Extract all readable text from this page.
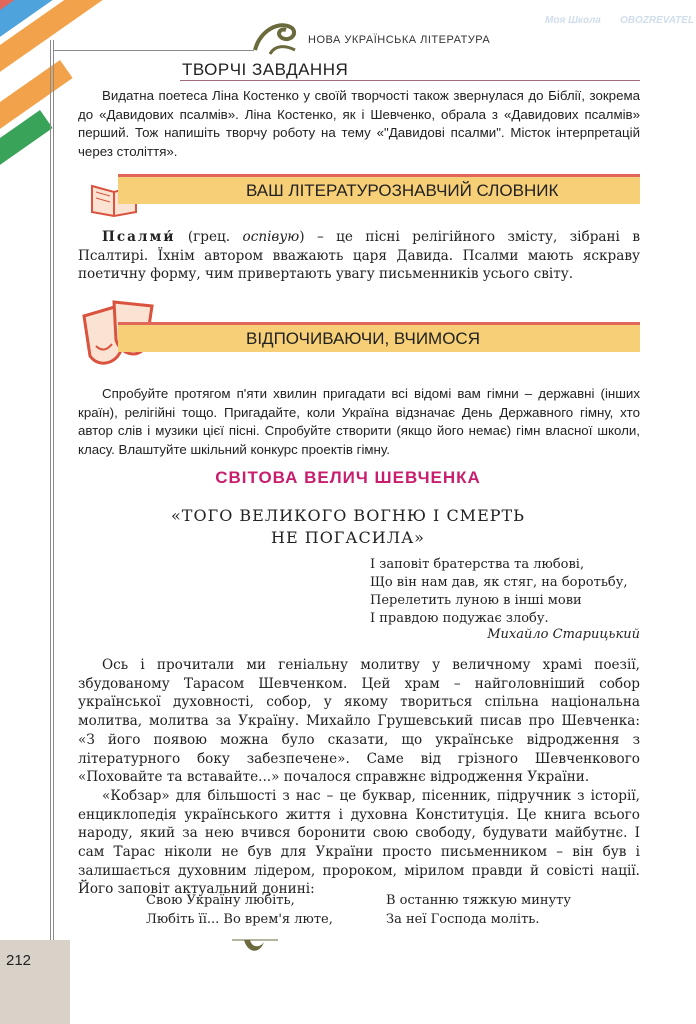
НОВА УКРАЇНСЬКА ЛІТЕРАТУРА
ТВОРЧІ ЗАВДАННЯ

Видатна поетеса Ліна Костенко у своїй творчості також звернулася до Біблії, зокрема до «Давидових псалмів». Ліна Костенко, як і Шевченко, обрала з «Давидових псалмів» перший. Тож напишіть творчу роботу на тему «"Давидові псалми". Місток інтерпретацій через століття».

ВАШ ЛІТЕРАТУРОЗНАВЧИЙ СЛОВНИК

Псалми́ (грец. оспівую) – це пісні релігійного змісту, зібрані в Псалтирі. Їхнім автором вважають царя Давида. Псалми мають яскраву поетичну форму, чим привертають увагу письменників усього світу.

ВІДПОЧИВАЮЧИ, ВЧИМОСЯ

Спробуйте протягом п'яти хвилин пригадати всі відомі вам гімни – державні (інших країн), релігійні тощо. Пригадайте, коли Україна відзначає День Державного гімну, хто автор слів і музики цієї пісні. Спробуйте створити (якщо його немає) гімн власної школи, класу. Влаштуйте шкільний конкурс проектів гімну.

СВІТОВА ВЕЛИЧ ШЕВЧЕНКА
«ТОГО ВЕЛИКОГО ВОГНЮ І СМЕРТЬ
НЕ ПОГАСИЛА»
І заповіт братерства та любові,
Що він нам дав, як стяг, на боротьбу,
Перелетить луною в інші мови
І правдою подужає злобу.
Михайло Старицький

Ось і прочитали ми геніальну молитву у величному храмі поезії, збудованому Тарасом Шевченком. Цей храм – найголовніший собор української духовності, собор, у якому твориться спільна національна молитва, молитва за Україну. Михайло Грушевський писав про Шевченка: «З його появою можна було сказати, що українське відродження з літературного боку забезпечене». Саме від грізного Шевченкового «Поховайте та вставайте...» почалося справжнє відродження України.

«Кобзар» для більшості з нас – це буквар, пісенник, підручник з історії, енциклопедія українського життя і духовна Конституція. Це книга всього народу, який за нею вчився боронити свою свободу, будувати майбутнє. І сам Тарас ніколи не був для України просто письменником – він був і залишається духовним лідером, пророком, мірилом правди й совісті нації. Його заповіт актуальний донині:

Свою Україну любіть,
Любіть її... Во врем'я люте,
В останню тяжкую минуту
За неї Господа моліть.
212
Моя Школа OBOZREVATEL
